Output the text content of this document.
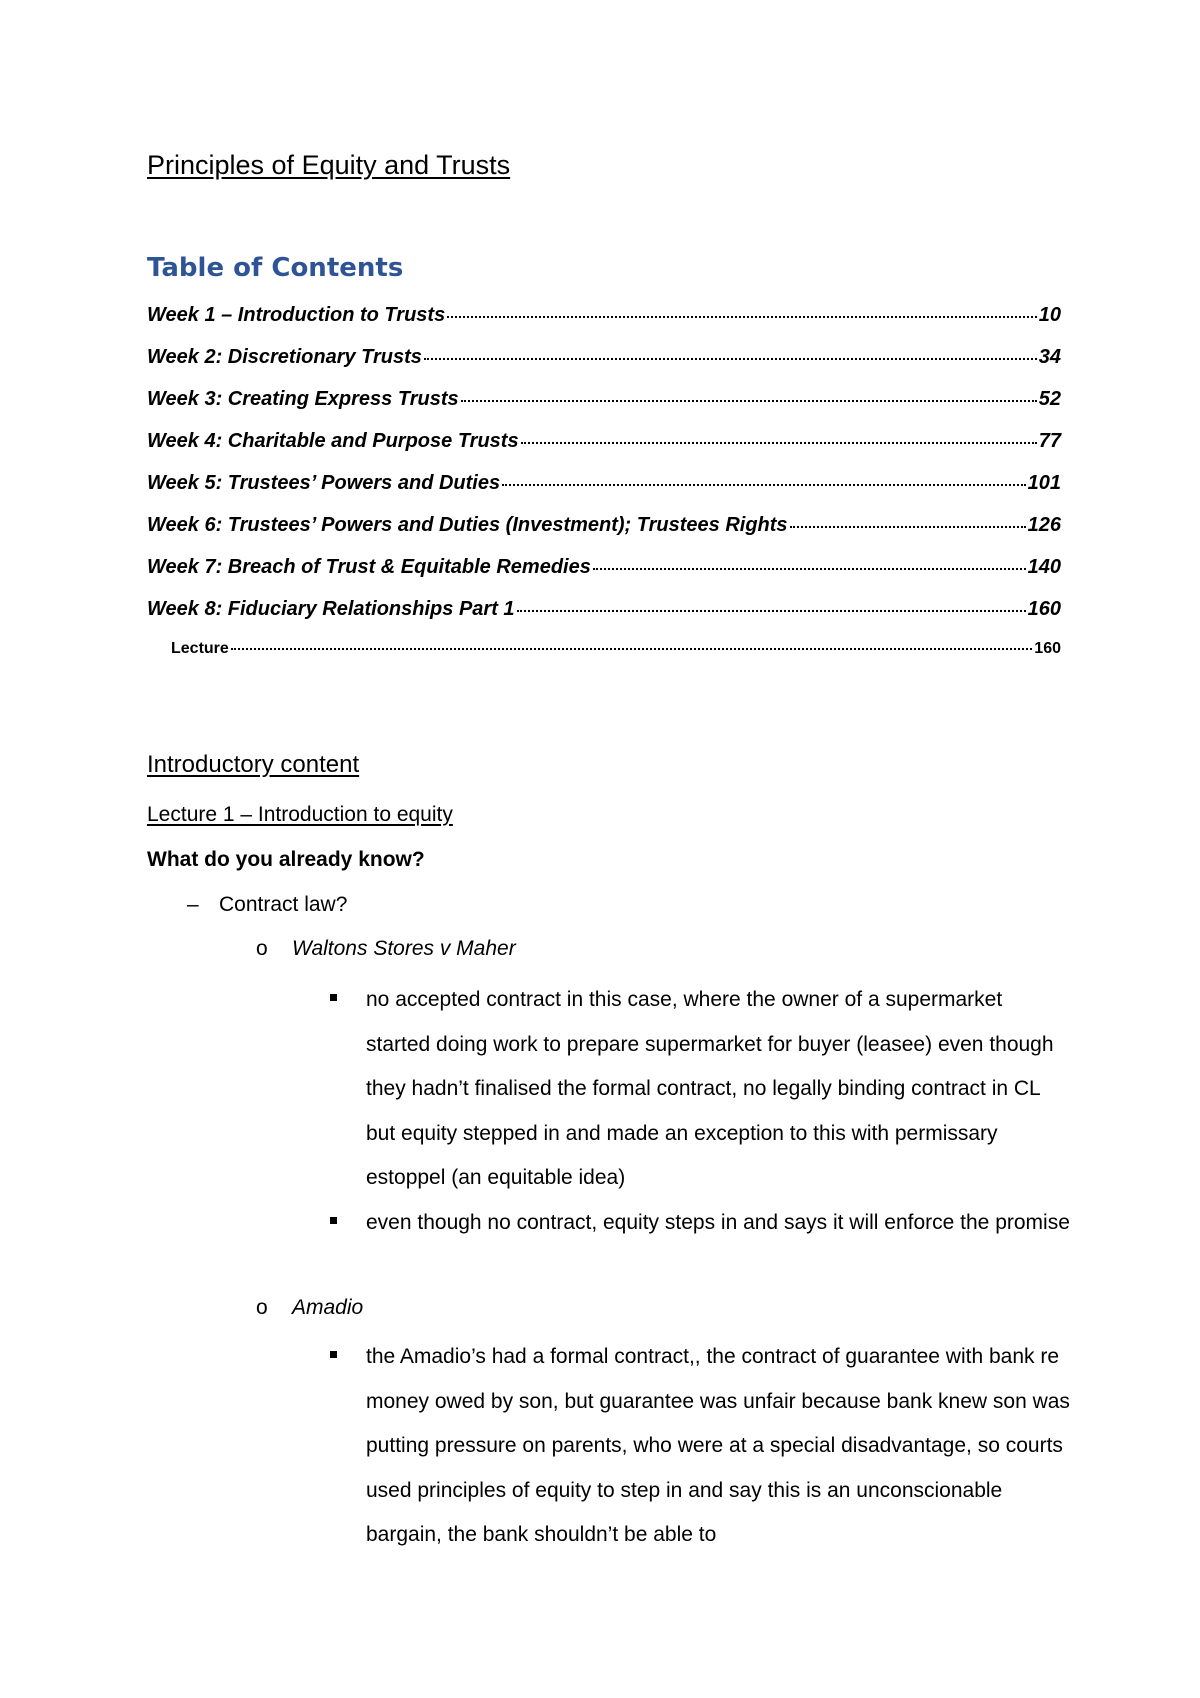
Principles of Equity and Trusts
Table of Contents
Week 1 – Introduction to Trusts	10
Week 2: Discretionary Trusts	34
Week 3: Creating Express Trusts	52
Week 4: Charitable and Purpose Trusts	77
Week 5: Trustees’ Powers and Duties	101
Week 6: Trustees’ Powers and Duties (Investment); Trustees Rights	126
Week 7: Breach of Trust & Equitable Remedies	140
Week 8: Fiduciary Relationships Part 1	160
Lecture	160
Introductory content
Lecture 1 – Introduction to equity
What do you already know?
– Contract law?
o Waltons Stores v Maher
no accepted contract in this case, where the owner of a supermarket started doing work to prepare supermarket for buyer (leasee) even though they hadn’t finalised the formal contract, no legally binding contract in CL but equity stepped in and made an exception to this with permissary estoppel (an equitable idea)
even though no contract, equity steps in and says it will enforce the promise
o Amadio
the Amadio’s had a formal contract,, the contract of guarantee with bank re money owed by son, but guarantee was unfair because bank knew son was putting pressure on parents, who were at a special disadvantage, so courts used principles of equity to step in and say this is an unconscionable bargain, the bank shouldn’t be able to
